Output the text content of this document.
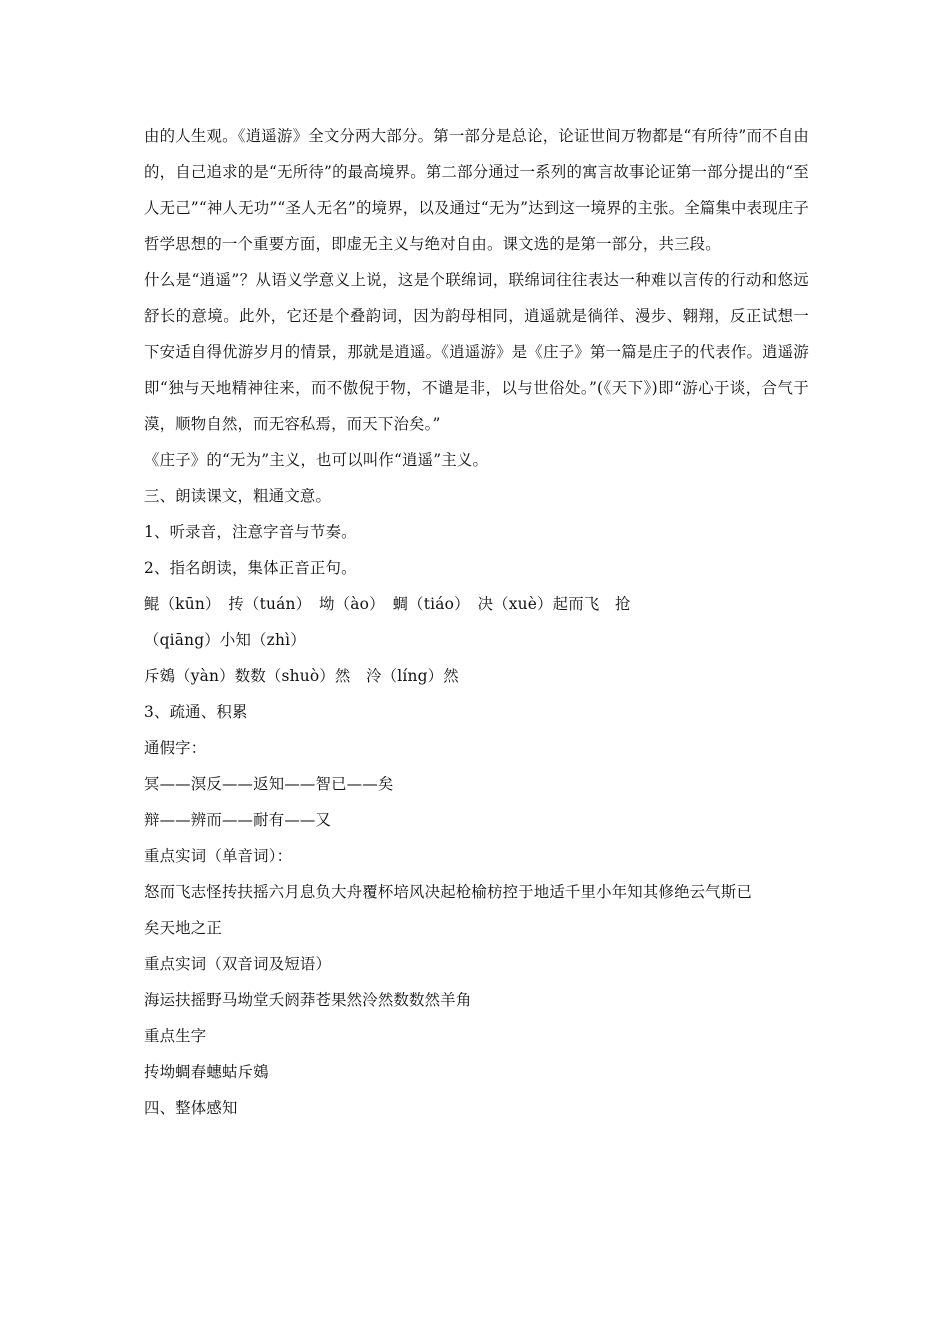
由的人生观。《逍遥游》全文分两大部分。第一部分是总论，论证世间万物都是“有所待”而不自由的，自己追求的是“无所待”的最高境界。第二部分通过一系列的寓言故事论证第一部分提出的“至人无己”“神人无功”“圣人无名”的境界，以及通过“无为”达到这一境界的主张。全篇集中表现庄子哲学思想的一个重要方面，即虚无主义与绝对自由。课文选的是第一部分，共三段。

什么是“逍遥”？从语义学意义上说，这是个联绵词，联绵词往往表达一种难以言传的行动和悠远舒长的意境。此外，它还是个叠韵词，因为韵母相同，逍遥就是徜徉、漫步、翱翔，反正试想一下安适自得优游岁月的情景，那就是逍遥。《逍遥游》是《庄子》第一篇是庄子的代表作。逍遥游即“独与天地精神往来，而不傲倪于物，不谴是非，以与世俗处。”(《天下》)即“游心于谈，合气于漠，顺物自然，而无容私焉，而天下治矣。”

《庄子》的“无为”主义，也可以叫作“逍遥”主义。
三、朗读课文，粗通文意。
1、听录音，注意字音与节奏。
2、指名朗读，集体正音正句。
鲲（kūn）　抟（tuán）　坳（ào）　蜩（tiáo）　决（xuè）起而飞　抢
（qiāng）小知（zhì）
斥鴳（yàn）数数（shuò）然　泠（líng）然
3、疏通、积累
通假字：
冥——溟反——返知——智已——矣
辩——辨而——耐有——又
重点实词（单音词）：
怒而飞志怪抟扶摇六月息负大舟覆杯培风决起枪榆枋控于地适千里小年知其修绝云气斯已
矣天地之正
重点实词（双音词及短语）
海运扶摇野马坳堂夭阏莽苍果然泠然数数然羊角
重点生字
抟坳蜩春蟪蛄斥鴳
四、整体感知
